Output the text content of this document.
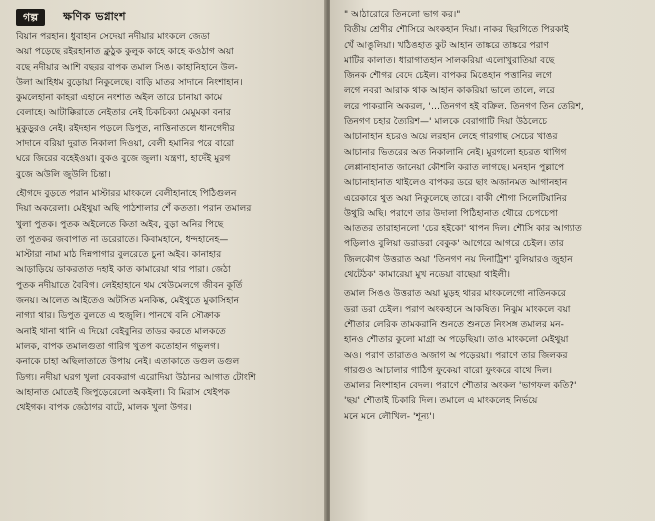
গল্প	ক্ষণিক ভগ্নাংশ
বিয়ান পরহান। ধুবাহান সেদেয়া নদীয়ার মাংকলে জেডা
অয়া পড়েছে রইরহানাত ক্লুঠুক কুলুক কাহে কাহে কওঠাগ অয়া
বছে নদীয়ার আশি বছরর বাপক তমাল সিঙ। কাহানিহানে উল-
উলা আহিধম বুড়োয়া নিকুলেছে। বাড়ি মাতর সাদানে নিংশাহান।
কুমলেহানা কাহরা এহানে নংশাত অইল তারে চানায়া কামে
বেলাহে। আটাক্কিরাতে নেইতার নেই চিকচিক্যা মেমুমকা বনার
মুকুড়ুরও নেই। রইদহান পড়লে ডিপুত, নাত্তিনাতলে ধানগেদীর
সাদানে বরিয়া দুরাত নিকালা দিওয়া, বেলী হমানির পরে বারো
ঘরে জিরের বহেইওয়া। বুকও বুজে জুলা। যন্ত্রণা, হাদেঁই মুরগ
বুজে অউলি জুউলি চিন্তা।
হৌগদে বুড়তে পরান মাস্টারর মাংকলে বেলীহানাহে পিঠিগুলন
দিয়া অকরেলা। মেইথুয়া অছি পাঠশালার শেঁ কততা। পরান তমালর
খুলা পুতক। পুতক অইলেতে কিতা অইব, বুড়া অনির পিছে
তা পুতকর জবাপাত না ডরেরাতে। কিবামহানে, ধন্দহানেহ—
মাস্টারা নামা মাঠ দিন্নপাগার বুলরেতে চুনা অইব। কানাহার
আড়াড়িয়ে ডাকরতাত দহাই কাত কামারেয়া থার পারা। জেঠা
পুতক নদীয়াতে বৈবিগ। লেইহাহানে থম থেউমেলগে জীবন কূর্তি
জনয়। আলেত আইতেও অটসিত মনকিষ্ক, মেইথুতে মুকাসিহান
নাগ্যা থার। ডিপুত বুলতে এ হুজুলি। পানখে বনি সৌক্রাক
অনাই থানা থানি এ দিয়ো বেইবুনির তাডর করতে মালকতে
মালক, বাপক তমালগুতা গারিগ খুতপ কতোহান গভুলগ।
কনাকে চাহা অছিলাতাতে উপায় নেই। এতাকাতে ডগুল ডগুল
ডিগ্য। নদীয়া ঘরগ খুলা বেবকরাগ এরোদিয়া উঠানর আগাত টোংশি
আহানাত মোতেই জিপুড়েরেলো অকইলা। বি মিরাস থেইপক
থেইগক। বাপক জেঠাগর বাটে, মালক খুলা উগর।
" আঠারোরে তিনলো ভাগ কর।"
বিতীয় শ্রেণীর শৌসিরে অংকহান দিয়া। নাকর ছিরগিতে পিরকাই
খেঁ আঙুলিয়া। খঠিঙহাত কুট আহান তাঙ্করে তাঙ্করে পরাণ
মাটির কালাত। ধারাগাতহান সালকরিয়া এলোখুরাতিয়া বছে
জিনক শৌগর বেদে চেইল। বাপকর মিঙেহান পত্তানির লগে
লগে নবরা আরাক থাক আহান কাকরিয়া ভালে তালে, লরে
লরে পাকরানি অকরল, '…তিনগণ হই বক্রিল. তিনগণ তিন তেরিশ,
তিনগণ চহার ত্যৈরিশ—' মালকে বেরাগাটি দিয়া উঠলেচে
আচানাহান হচরও অয়ে লরহান লেহে গারগাছ সেচের খাঙর
আচানার ভিতরের অত নিকালানি নেই। মুরগলো হচরত থাগিগ
লেপ্পানাহানাত জানেয়া কৌশলি করাত লাগছে। মনহান পুল্লাপে
আচানাহানাত থাইলেও বাপকর ডরে ছাং অজানমত আগানহান
এরেকারে থুত অয়া নিকুলেছে তারে। বাকী শৌগা সিলেটিয়ানির
উথুরি অছি। পরাণে তার উদালা পিঠিহানাত থৌরে চেপচেপা
আততর তারাহানলো 'চের হইকো' থাপন দিল। শৌসি কার আগ্যাত
পড়িলাও বুলিয়া ডরাডরা বেকুক' আগেরে আগরে চেইল। তার
জিলকৌগ উত্তরাত অয়া 'তিনগণ নয় দিনাট্রিশ' বুলিয়ারও জুহান
থেটেঠক' কামারেয়া মুখ নডেয়া বাছেয়া থাইলী।
তমাল সিঙও উত্তরাত অয়া মুড়হ থারর মাংকলেগো নাতিনকরে
ডরা ডরা চেইল। পরাণ অংকহানে আকষিত। নিঝুম মাংকলে বয়া
শৌতার লেরিক তামকরানি শুনতে শুনতে নিংসঙ্গ তমালর মন-
হানও শৌতার কুলো মাগ্রা অ পড়েছিয়া। তাও মাংকলো মেইথুয়া
অও। পরাণ তারাতও অজাগ অ পড়েরয়া। পরাণে তার জিলকর
গারগুও আচালার গাঠিগ ফুকেয়া বারো ফুংকরে বাথে দিল।
তমালর নিংশাহান বেদল। পরাণে শৌতার অংকল 'ভাগফল কতি?'
'ছয়' শৌতাই চিকারি দিল। তমালে এ মাংকলেহ নির্ভয়ে
মনে মনে লৌখিল- 'শূন্য'।
